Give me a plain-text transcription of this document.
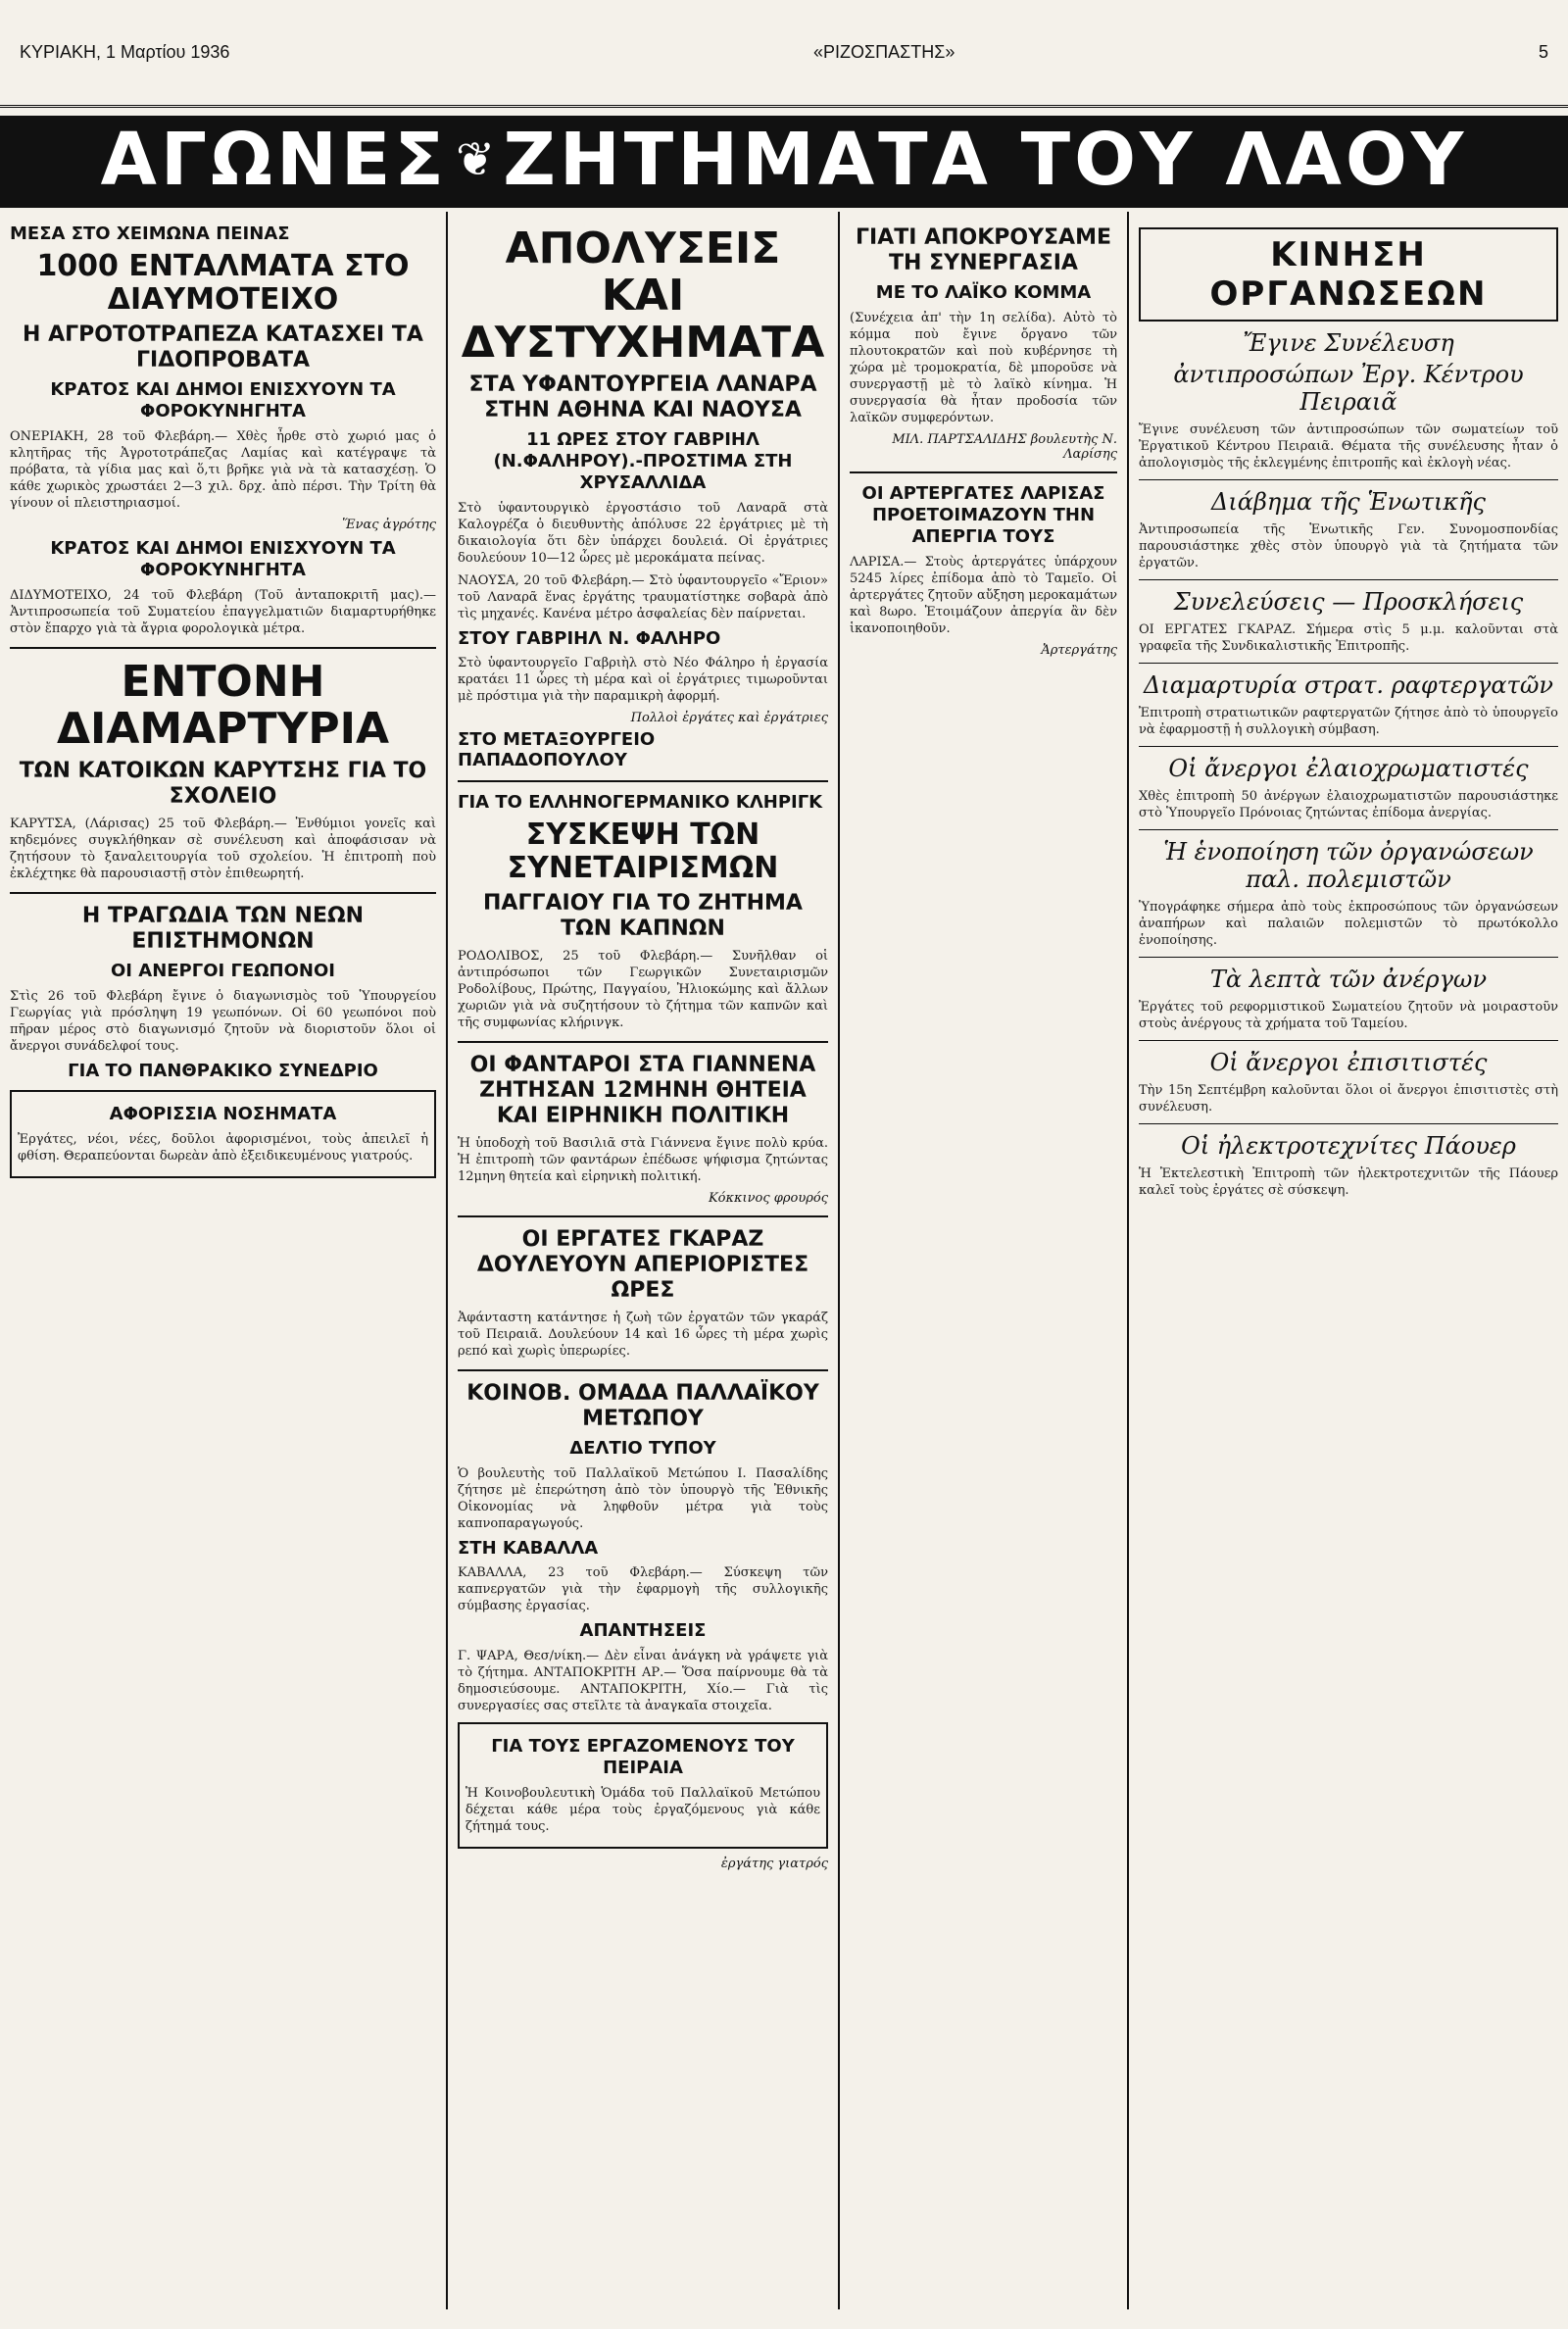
ΚΥΡΙΑΚΗ, 1 Μαρτίου 1936	«ΡΙΖΟΣΠΑΣΤΗΣ»	5
ΑΓΩΝΕΣ ❦ ΖΗΤΗΜΑΤΑ ΤΟΥ ΛΑΟΥ
ΜΕΣΑ ΣΤΟ ΧΕΙΜΩΝΑ ΠΕΙΝΑΣ
1000 ΕΝΤΑΛΜΑΤΑ ΣΤΟ ΔΙΑΥΜΟΤΕΙΧΟ
Η ΑΓΡΟΤΟΤΡΑΠΕΖΑ ΚΑΤΑΣΧΕΙ ΤΑ ΓΙΔΟΠΡΟΒΑΤΑ
ΚΡΑΤΟΣ ΚΑΙ ΔΗΜΟΙ ΕΝΙΣΧΥΟΥΝ ΤΑ ΦΟΡΟΚΥΝΗΓΗΤΑ
ΟΝΕΡΙΑΚΗ, 28 τοῦ Φλεβάρη.— Χθὲς ἦρθε στὸ χωριό μας ὁ κλητῆρας τῆς Ἀγροτοτράπεζας Λαμίας καὶ κατέγραψε τὰ πρόβατα, τὰ γίδια μας καὶ ὅ,τι βρῆκε γιὰ νὰ τὰ κατασχέσῃ. Ὁ κάθε χωρικὸς χρωστάει 2—3 χιλ. δρχ. ἀπὸ πέρσι. Τὴν Τρίτη θὰ γίνουν οἱ πλειστηριασμοί.
Ἕνας ἀγρότης
ΚΡΑΤΟΣ ΚΑΙ ΔΗΜΟΙ ΕΝΙΣΧΥΟΥΝ ΤΑ ΦΟΡΟΚΥΝΗΓΗΤΑ
ΔΙΔΥΜΟΤΕΙΧΟ, 24 τοῦ Φλεβάρη (Τοῦ ἀνταποκριτῆ μας).— Ἀντιπροσωπεία τοῦ Συματείου ἐπαγγελματιῶν διαμαρτυρήθηκε στὸν ἔπαρχο γιὰ τὰ ἄγρια φορολογικὰ μέτρα.
ΕΝΤΟΝΗ ΔΙΑΜΑΡΤΥΡΙΑ
ΤΩΝ ΚΑΤΟΙΚΩΝ ΚΑΡΥΤΣΗΣ ΓΙΑ ΤΟ ΣΧΟΛΕΙΟ
ΚΑΡΥΤΣΑ, (Λάρισας) 25 τοῦ Φλεβάρη.— Ἐνθύμιοι γονεῖς καὶ κηδεμόνες συγκλήθηκαν σὲ συνέλευση καὶ ἀποφάσισαν νὰ ζητήσουν τὸ ξαναλειτουργία τοῦ σχολείου. Ἡ ἐπιτροπὴ ποὺ ἐκλέχτηκε θὰ παρουσιαστῇ στὸν ἐπιθεωρητή.
Η ΤΡΑΓΩΔΙΑ ΤΩΝ ΝΕΩΝ ΕΠΙΣΤΗΜΟΝΩΝ
ΟΙ ΑΝΕΡΓΟΙ ΓΕΩΠΟΝΟΙ
Στὶς 26 τοῦ Φλεβάρη ἔγινε ὁ διαγωνισμὸς τοῦ Ὑπουργείου Γεωργίας γιὰ πρόσληψη 19 γεωπόνων. Οἱ 60 γεωπόνοι ποὺ πῆραν μέρος στὸ διαγωνισμό ζητοῦν νὰ διοριστοῦν ὅλοι οἱ ἄνεργοι συνάδελφοί τους.
ΓΙΑ ΤΟ ΠΑΝΘΡΑΚΙΚΟ ΣΥΝΕΔΡΙΟ
ΑΦΟΡΙΣΣΙΑ ΝΟΣΗΜΑΤΑ
Ἐργάτες, νέοι, νέες, δοῦλοι ἀφορισμένοι, τοὺς ἀπειλεῖ ἡ φθίση. Θεραπεύονται δωρεὰν ἀπὸ ἐξειδικευμένους γιατρούς.
ΑΠΟΛΥΣΕΙΣ ΚΑΙ ΔΥΣΤΥΧΗΜΑΤΑ
ΣΤΑ ΥΦΑΝΤΟΥΡΓΕΙΑ ΛΑΝΑΡΑ ΣΤΗΝ ΑΘΗΝΑ ΚΑΙ ΝΑΟΥΣΑ
11 ΩΡΕΣ ΣΤΟΥ ΓΑΒΡΙΗΛ (Ν.ΦΑΛΗΡΟΥ).-ΠΡΟΣΤΙΜΑ ΣΤΗ ΧΡΥΣΑΛΛΙΔΑ
Στὸ ὑφαντουργικὸ ἐργοστάσιο τοῦ Λαναρᾶ στὰ Καλογρέζα ὁ διευθυντὴς ἀπόλυσε 22 ἐργάτριες μὲ τὴ δικαιολογία ὅτι δὲν ὑπάρχει δουλειά. Οἱ ἐργάτριες δουλεύουν 10—12 ὧρες μὲ μεροκάματα πείνας.
ΝΑΟΥΣΑ, 20 τοῦ Φλεβάρη.— Στὸ ὑφαντουργεῖο «Ἔριον» τοῦ Λαναρᾶ ἕνας ἐργάτης τραυματίστηκε σοβαρὰ ἀπὸ τὶς μηχανές. Κανένα μέτρο ἀσφαλείας δὲν παίρνεται.
ΣΤΟΥ ΓΑΒΡΙΗΛ Ν. ΦΑΛΗΡΟ
Στὸ ὑφαντουργεῖο Γαβριὴλ στὸ Νέο Φάληρο ἡ ἐργασία κρατάει 11 ὧρες τὴ μέρα καὶ οἱ ἐργάτριες τιμωροῦνται μὲ πρόστιμα γιὰ τὴν παραμικρὴ ἀφορμή.
Πολλοὶ ἐργάτες καὶ ἐργάτριες
ΣΤΟ ΜΕΤΑΞΟΥΡΓΕΙΟ ΠΑΠΑΔΟΠΟΥΛΟΥ
ΓΙΑ ΤΟ ΕΛΛΗΝΟΓΕΡΜΑΝΙΚΟ ΚΛΗΡΙΓΚ
ΣΥΣΚΕΨΗ ΤΩΝ ΣΥΝΕΤΑΙΡΙΣΜΩΝ
ΠΑΓΓΑΙΟΥ ΓΙΑ ΤΟ ΖΗΤΗΜΑ ΤΩΝ ΚΑΠΝΩΝ
ΡΟΔΟΛΙΒΟΣ, 25 τοῦ Φλεβάρη.— Συνῆλθαν οἱ ἀντιπρόσωποι τῶν Γεωργικῶν Συνεταιρισμῶν Ροδολίβους, Πρώτης, Παγγαίου, Ἠλιοκώμης καὶ ἄλλων χωριῶν γιὰ νὰ συζητήσουν τὸ ζήτημα τῶν καπνῶν καὶ τῆς συμφωνίας κλήρινγκ.
ΟΙ ΦΑΝΤΑΡΟΙ ΣΤΑ ΓΙΑΝΝΕΝΑ ΖΗΤΗΣΑΝ 12ΜΗΝΗ ΘΗΤΕΙΑ ΚΑΙ ΕΙΡΗΝΙΚΗ ΠΟΛΙΤΙΚΗ
Ἡ ὑποδοχὴ τοῦ Βασιλιᾶ στὰ Γιάννενα ἔγινε πολὺ κρύα. Ἡ ἐπιτροπὴ τῶν φαντάρων ἐπέδωσε ψήφισμα ζητώντας 12μηνη θητεία καὶ εἰρηνικὴ πολιτική.
Κόκκινος φρουρός
ΟΙ ΕΡΓΑΤΕΣ ΓΚΑΡΑΖ ΔΟΥΛΕΥΟΥΝ ΑΠΕΡΙΟΡΙΣΤΕΣ ΩΡΕΣ
Ἀφάνταστη κατάντησε ἡ ζωὴ τῶν ἐργατῶν τῶν γκαράζ τοῦ Πειραιᾶ. Δουλεύουν 14 καὶ 16 ὧρες τὴ μέρα χωρὶς ρεπό καὶ χωρὶς ὑπερωρίες.
ΚΟΙΝΟΒ. ΟΜΑΔΑ ΠΑΛΛΑΪΚΟΥ ΜΕΤΩΠΟΥ
ΔΕΛΤΙΟ ΤΥΠΟΥ
Ὁ βουλευτὴς τοῦ Παλλαϊκοῦ Μετώπου Ι. Πασαλίδης ζήτησε μὲ ἐπερώτηση ἀπὸ τὸν ὑπουργὸ τῆς Ἐθνικῆς Οἰκονομίας νὰ ληφθοῦν μέτρα γιὰ τοὺς καπνοπαραγωγούς.
ΣΤΗ ΚΑΒΑΛΛΑ
ΚΑΒΑΛΛΑ, 23 τοῦ Φλεβάρη.— Σύσκεψη τῶν καπνεργατῶν γιὰ τὴν ἐφαρμογὴ τῆς συλλογικῆς σύμβασης ἐργασίας.
ΑΠΑΝΤΗΣΕΙΣ
Γ. ΨΑΡΑ, Θεσ/νίκη.— Δὲν εἶναι ἀνάγκη νὰ γράψετε γιὰ τὸ ζήτημα. ΑΝΤΑΠΟΚΡΙΤΗ ΑΡ.— Ὅσα παίρνουμε θὰ τὰ δημοσιεύσουμε. ΑΝΤΑΠΟΚΡΙΤΗ, Χίο.— Γιὰ τὶς συνεργασίες σας στεῖλτε τὰ ἀναγκαῖα στοιχεῖα.
ΓΙΑ ΤΟΥΣ ΕΡΓΑΖΟΜΕΝΟΥΣ ΤΟΥ ΠΕΙΡΑΙΑ
Ἡ Κοινοβουλευτικὴ Ὁμάδα τοῦ Παλλαϊκοῦ Μετώπου δέχεται κάθε μέρα τοὺς ἐργαζόμενους γιὰ κάθε ζήτημά τους.
ἐργάτης γιατρός
ΓΙΑΤΙ ΑΠΟΚΡΟΥΣΑΜΕ ΤΗ ΣΥΝΕΡΓΑΣΙΑ
ΜΕ ΤΟ ΛΑΪΚΟ ΚΟΜΜΑ
(Συνέχεια ἀπ' τὴν 1η σελίδα). Αὐτὸ τὸ κόμμα ποὺ ἔγινε ὄργανο τῶν πλουτοκρατῶν καὶ ποὺ κυβέρνησε τὴ χώρα μὲ τρομοκρατία, δὲ μποροῦσε νὰ συνεργαστῇ μὲ τὸ λαϊκὸ κίνημα. Ἡ συνεργασία θὰ ἦταν προδοσία τῶν λαϊκῶν συμφερόντων.
ΜΙΛ. ΠΑΡΤΣΑΛΙΔΗΣ βουλευτὴς Ν. Λαρίσης
ΟΙ ΑΡΤΕΡΓΑΤΕΣ ΛΑΡΙΣΑΣ ΠΡΟΕΤΟΙΜΑΖΟΥΝ ΤΗΝ ΑΠΕΡΓΙΑ ΤΟΥΣ
ΛΑΡΙΣΑ.— Στοὺς ἀρτεργάτες ὑπάρχουν 5245 λίρες ἐπίδομα ἀπὸ τὸ Ταμεῖο. Οἱ ἀρτεργάτες ζητοῦν αὔξηση μεροκαμάτων καὶ 8ωρο. Ἑτοιμάζουν ἀπεργία ἂν δὲν ἱκανοποιηθοῦν.
Ἀρτεργάτης
ΚΙΝΗΣΗ ΟΡΓΑΝΩΣΕΩΝ
Ἔγινε Συνέλευση
ἀντιπροσώπων Ἐργ. Κέντρου Πειραιᾶ
Ἔγινε συνέλευση τῶν ἀντιπροσώπων τῶν σωματείων τοῦ Ἐργατικοῦ Κέντρου Πειραιᾶ. Θέματα τῆς συνέλευσης ἦταν ὁ ἀπολογισμὸς τῆς ἐκλεγμένης ἐπιτροπῆς καὶ ἐκλογὴ νέας.
Διάβημα τῆς Ἑνωτικῆς
Ἀντιπροσωπεία τῆς Ἑνωτικῆς Γεν. Συνομοσπονδίας παρουσιάστηκε χθὲς στὸν ὑπουργὸ γιὰ τὰ ζητήματα τῶν ἐργατῶν.
Συνελεύσεις — Προσκλήσεις
ΟΙ ΕΡΓΑΤΕΣ ΓΚΑΡΑΖ. Σήμερα στὶς 5 μ.μ. καλοῦνται στὰ γραφεῖα τῆς Συνδικαλιστικῆς Ἐπιτροπῆς.
Διαμαρτυρία στρατ. ραφτεργατῶν
Ἐπιτροπὴ στρατιωτικῶν ραφτεργατῶν ζήτησε ἀπὸ τὸ ὑπουργεῖο νὰ ἐφαρμοστῇ ἡ συλλογικὴ σύμβαση.
Οἱ ἄνεργοι ἐλαιοχρωματιστές
Χθὲς ἐπιτροπὴ 50 ἀνέργων ἐλαιοχρωματιστῶν παρουσιάστηκε στὸ Ὑπουργεῖο Πρόνοιας ζητώντας ἐπίδομα ἀνεργίας.
Ἡ ἑνοποίηση τῶν ὀργανώσεων παλ. πολεμιστῶν
Ὑπογράφηκε σήμερα ἀπὸ τοὺς ἐκπροσώπους τῶν ὀργανώσεων ἀναπήρων καὶ παλαιῶν πολεμιστῶν τὸ πρωτόκολλο ἑνοποίησης.
Τὰ λεπτὰ τῶν ἀνέργων
Ἐργάτες τοῦ ρεφορμιστικοῦ Σωματείου ζητοῦν νὰ μοιραστοῦν στοὺς ἀνέργους τὰ χρήματα τοῦ Ταμείου.
Οἱ ἄνεργοι ἐπισιτιστές
Τὴν 15η Σεπτέμβρη καλοῦνται ὅλοι οἱ ἄνεργοι ἐπισιτιστὲς στὴ συνέλευση.
Οἱ ἠλεκτροτεχνίτες Πάουερ
Ἡ Ἐκτελεστικὴ Ἐπιτροπὴ τῶν ἠλεκτροτεχνιτῶν τῆς Πάουερ καλεῖ τοὺς ἐργάτες σὲ σύσκεψη.
